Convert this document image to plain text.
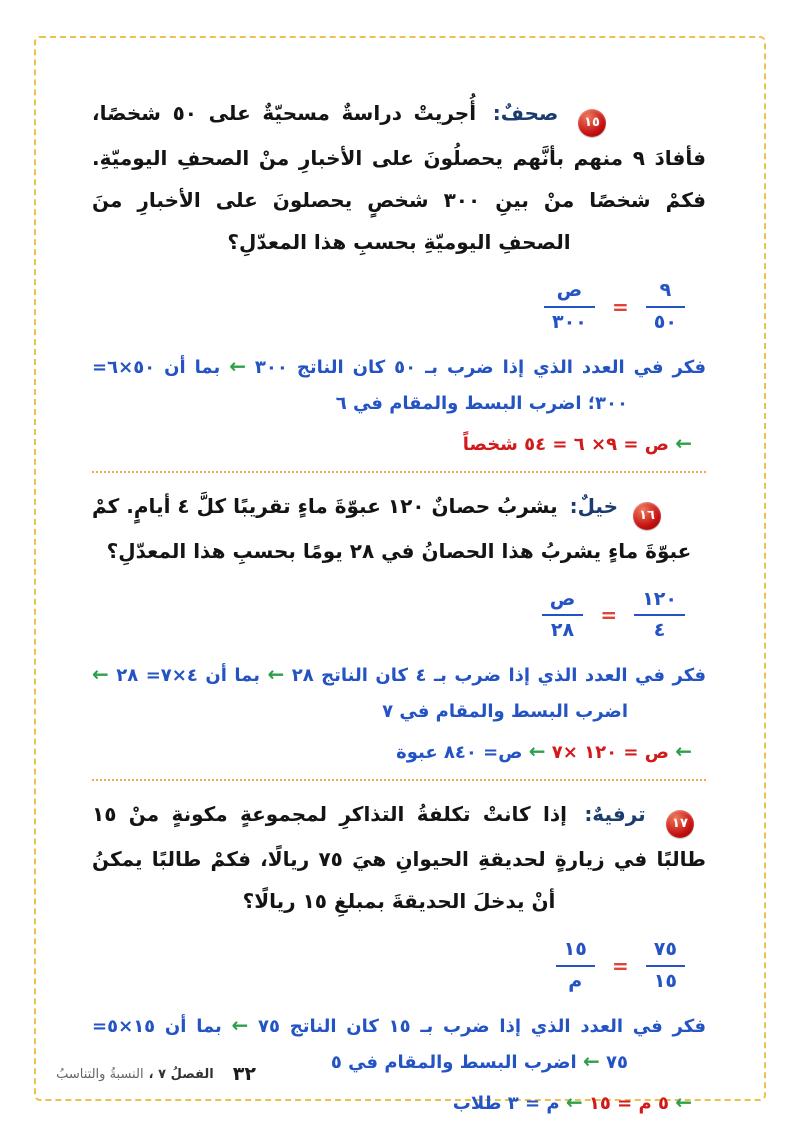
١٥ صحفٌ: أُجريتْ دراسةٌ مسحيّةٌ على ٥٠ شخصًا، فأفادَ ٩ منهم بأنَّهم يحصلُونَ على الأخبارِ منْ الصحفِ اليوميّةِ. فكمْ شخصًا منْ بينِ ٣٠٠ شخصٍ يحصلونَ على الأخبارِ منَ الصحفِ اليوميّةِ بحسبِ هذا المعدّلِ؟

$\frac{٩}{٥٠}$
=
$\frac{\text{ص}}{٣٠٠}$
فكر في العدد الذي إذا ضرب بـ ٥٠ كان الناتج ٣٠٠ ← بما أن ٥٠×٦=
٣٠٠؛ اضرب البسط والمقام في ٦
← ص = ٩× ٦ = ٥٤ شخصاً

١٦ خيلٌ: يشربُ حصانٌ ١٢٠ عبوّةَ ماءٍ تقريبًا كلَّ ٤ أيامٍ. كمْ عبوّةَ ماءٍ يشربُ هذا الحصانُ في ٢٨ يومًا بحسبِ هذا المعدّلِ؟

$\frac{١٢٠}{٤}$
=
$\frac{\text{ص}}{٢٨}$
فكر في العدد الذي إذا ضرب بـ ٤ كان الناتج ٢٨ ← بما أن ٤×٧= ٢٨ ←
اضرب البسط والمقام في ٧
← ص = ١٢٠ ×٧ ← ص= ٨٤٠ عبوة

١٧ ترفيهٌ: إذا كانتْ تكلفةُ التذاكرِ لمجموعةٍ مكونةٍ منْ ١٥ طالبًا في زيارةٍ لحديقةِ الحيوانِ هيَ ٧٥ ريالًا، فكمْ طالبًا يمكنُ أنْ يدخلَ الحديقةَ بمبلغِ ١٥ ريالًا؟

$\frac{٧٥}{١٥}$
=
$\frac{١٥}{\text{م}}$
فكر في العدد الذي إذا ضرب بـ ١٥ كان الناتج ٧٥ ← بما أن ١٥×٥=
٧٥ ← اضرب البسط والمقام في ٥
← ٥ م = ١٥ ← م = ٣ طلاب
٣٢ الفصلُ ٧ ، النسبةُ والتناسبُ
